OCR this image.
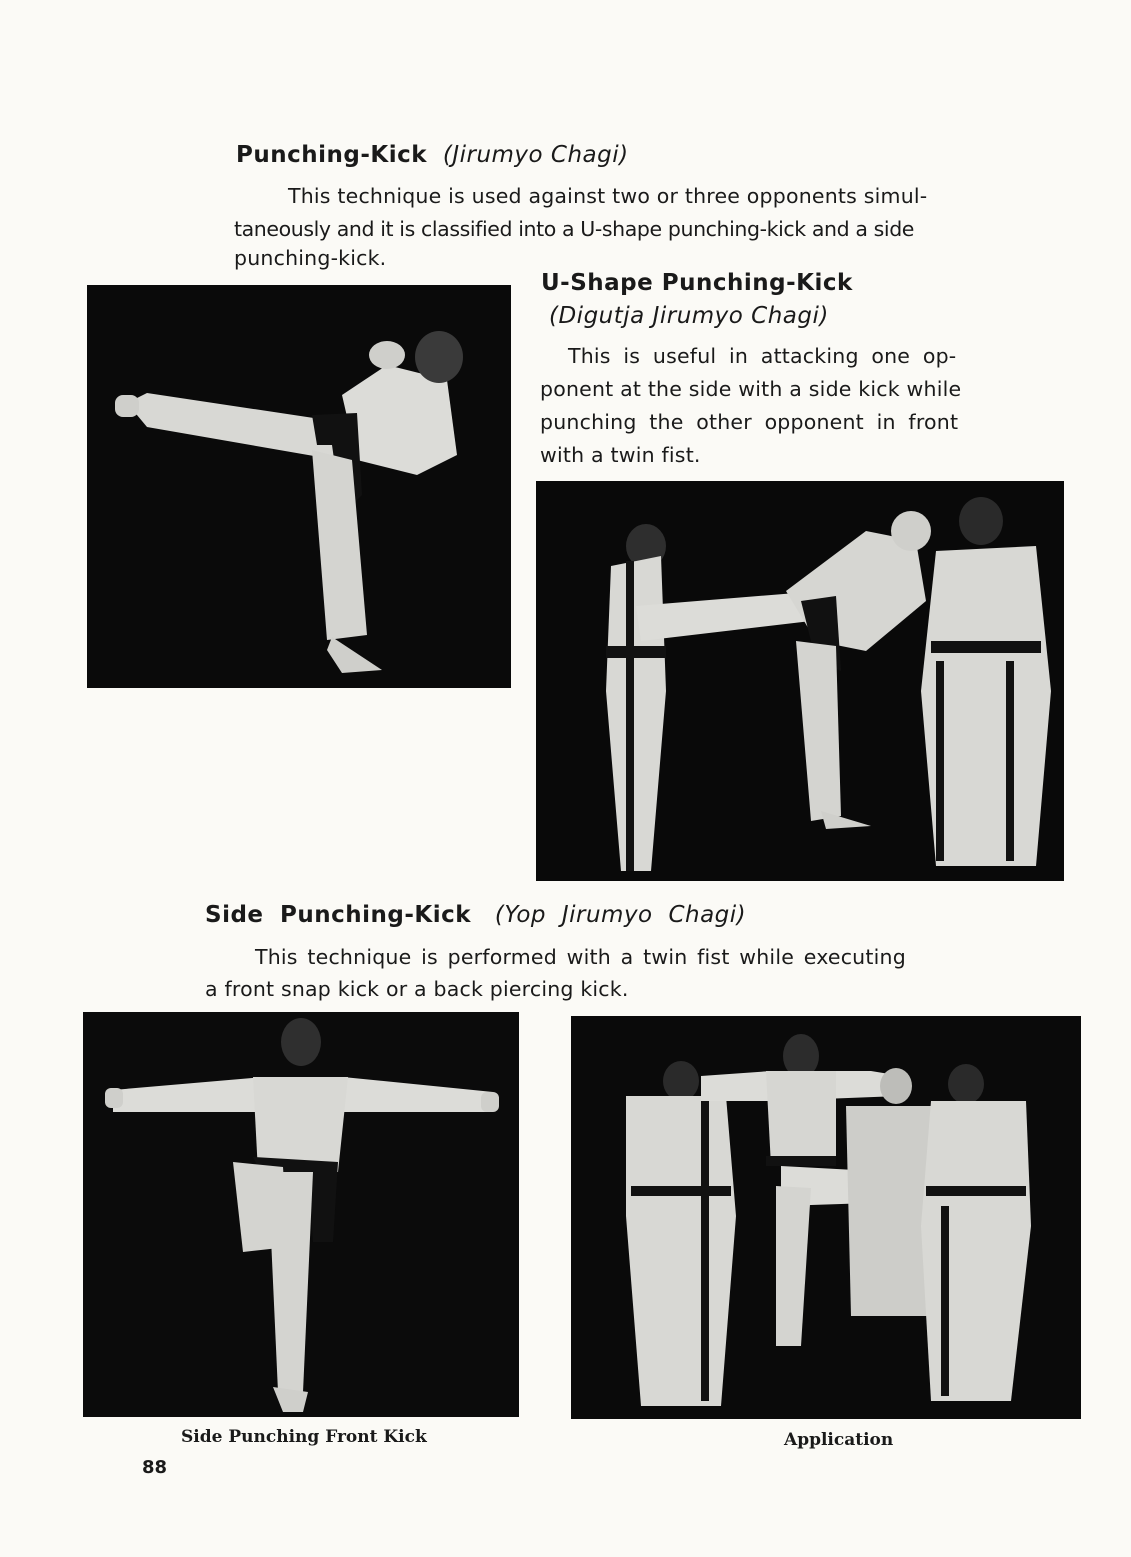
Punching-Kick (Jirumyo Chagi)
This technique is used against two or three opponents simul-
taneously and it is classified into a U-shape punching-kick and a side
punching-kick.
U-Shape Punching-Kick
(Digutja Jirumyo Chagi)
This is useful in attacking one op-
ponent at the side with a side kick while
punching the other opponent in front
with a twin fist.
Side Punching-Kick (Yop Jirumyo Chagi)
This technique is performed with a twin fist while executing
a front snap kick or a back piercing kick.
Side Punching Front Kick	Application
88
